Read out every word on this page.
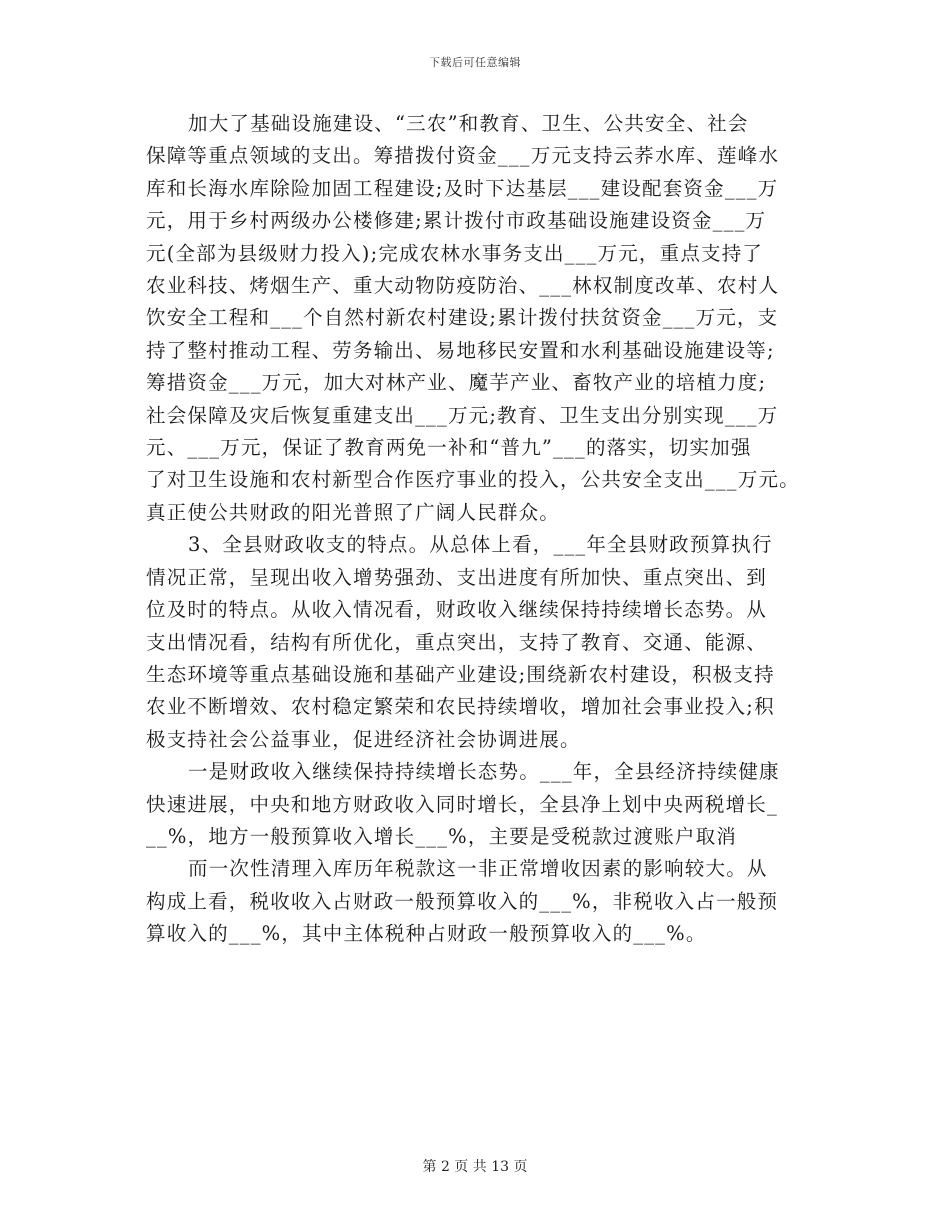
下载后可任意编辑
加大了基础设施建设、“三农”和教育、卫生、公共安全、社会
保障等重点领域的支出。筹措拨付资金___万元支持云荞水库、莲峰水
库和长海水库除险加固工程建设;及时下达基层___建设配套资金___万
元，用于乡村两级办公楼修建;累计拨付市政基础设施建设资金___万
元(全部为县级财力投入);完成农林水事务支出___万元，重点支持了
农业科技、烤烟生产、重大动物防疫防治、___林权制度改革、农村人
饮安全工程和___个自然村新农村建设;累计拨付扶贫资金___万元，支
持了整村推动工程、劳务输出、易地移民安置和水利基础设施建设等;
筹措资金___万元，加大对林产业、魔芋产业、畜牧产业的培植力度;
社会保障及灾后恢复重建支出___万元;教育、卫生支出分别实现___万
元、___万元，保证了教育两免一补和“普九”___的落实，切实加强
了对卫生设施和农村新型合作医疗事业的投入，公共安全支出___万元。
真正使公共财政的阳光普照了广阔人民群众。
3、全县财政收支的特点。从总体上看，___年全县财政预算执行
情况正常，呈现出收入增势强劲、支出进度有所加快、重点突出、到
位及时的特点。从收入情况看，财政收入继续保持持续增长态势。从
支出情况看，结构有所优化，重点突出，支持了教育、交通、能源、
生态环境等重点基础设施和基础产业建设;围绕新农村建设，积极支持
农业不断增效、农村稳定繁荣和农民持续增收，增加社会事业投入;积
极支持社会公益事业，促进经济社会协调进展。
一是财政收入继续保持持续增长态势。___年，全县经济持续健康
快速进展，中央和地方财政收入同时增长，全县净上划中央两税增长_
__%，地方一般预算收入增长___%，主要是受税款过渡账户取消
而一次性清理入库历年税款这一非正常增收因素的影响较大。从
构成上看，税收收入占财政一般预算收入的___%，非税收入占一般预
算收入的___%，其中主体税种占财政一般预算收入的___%。
第 2 页 共 13 页
